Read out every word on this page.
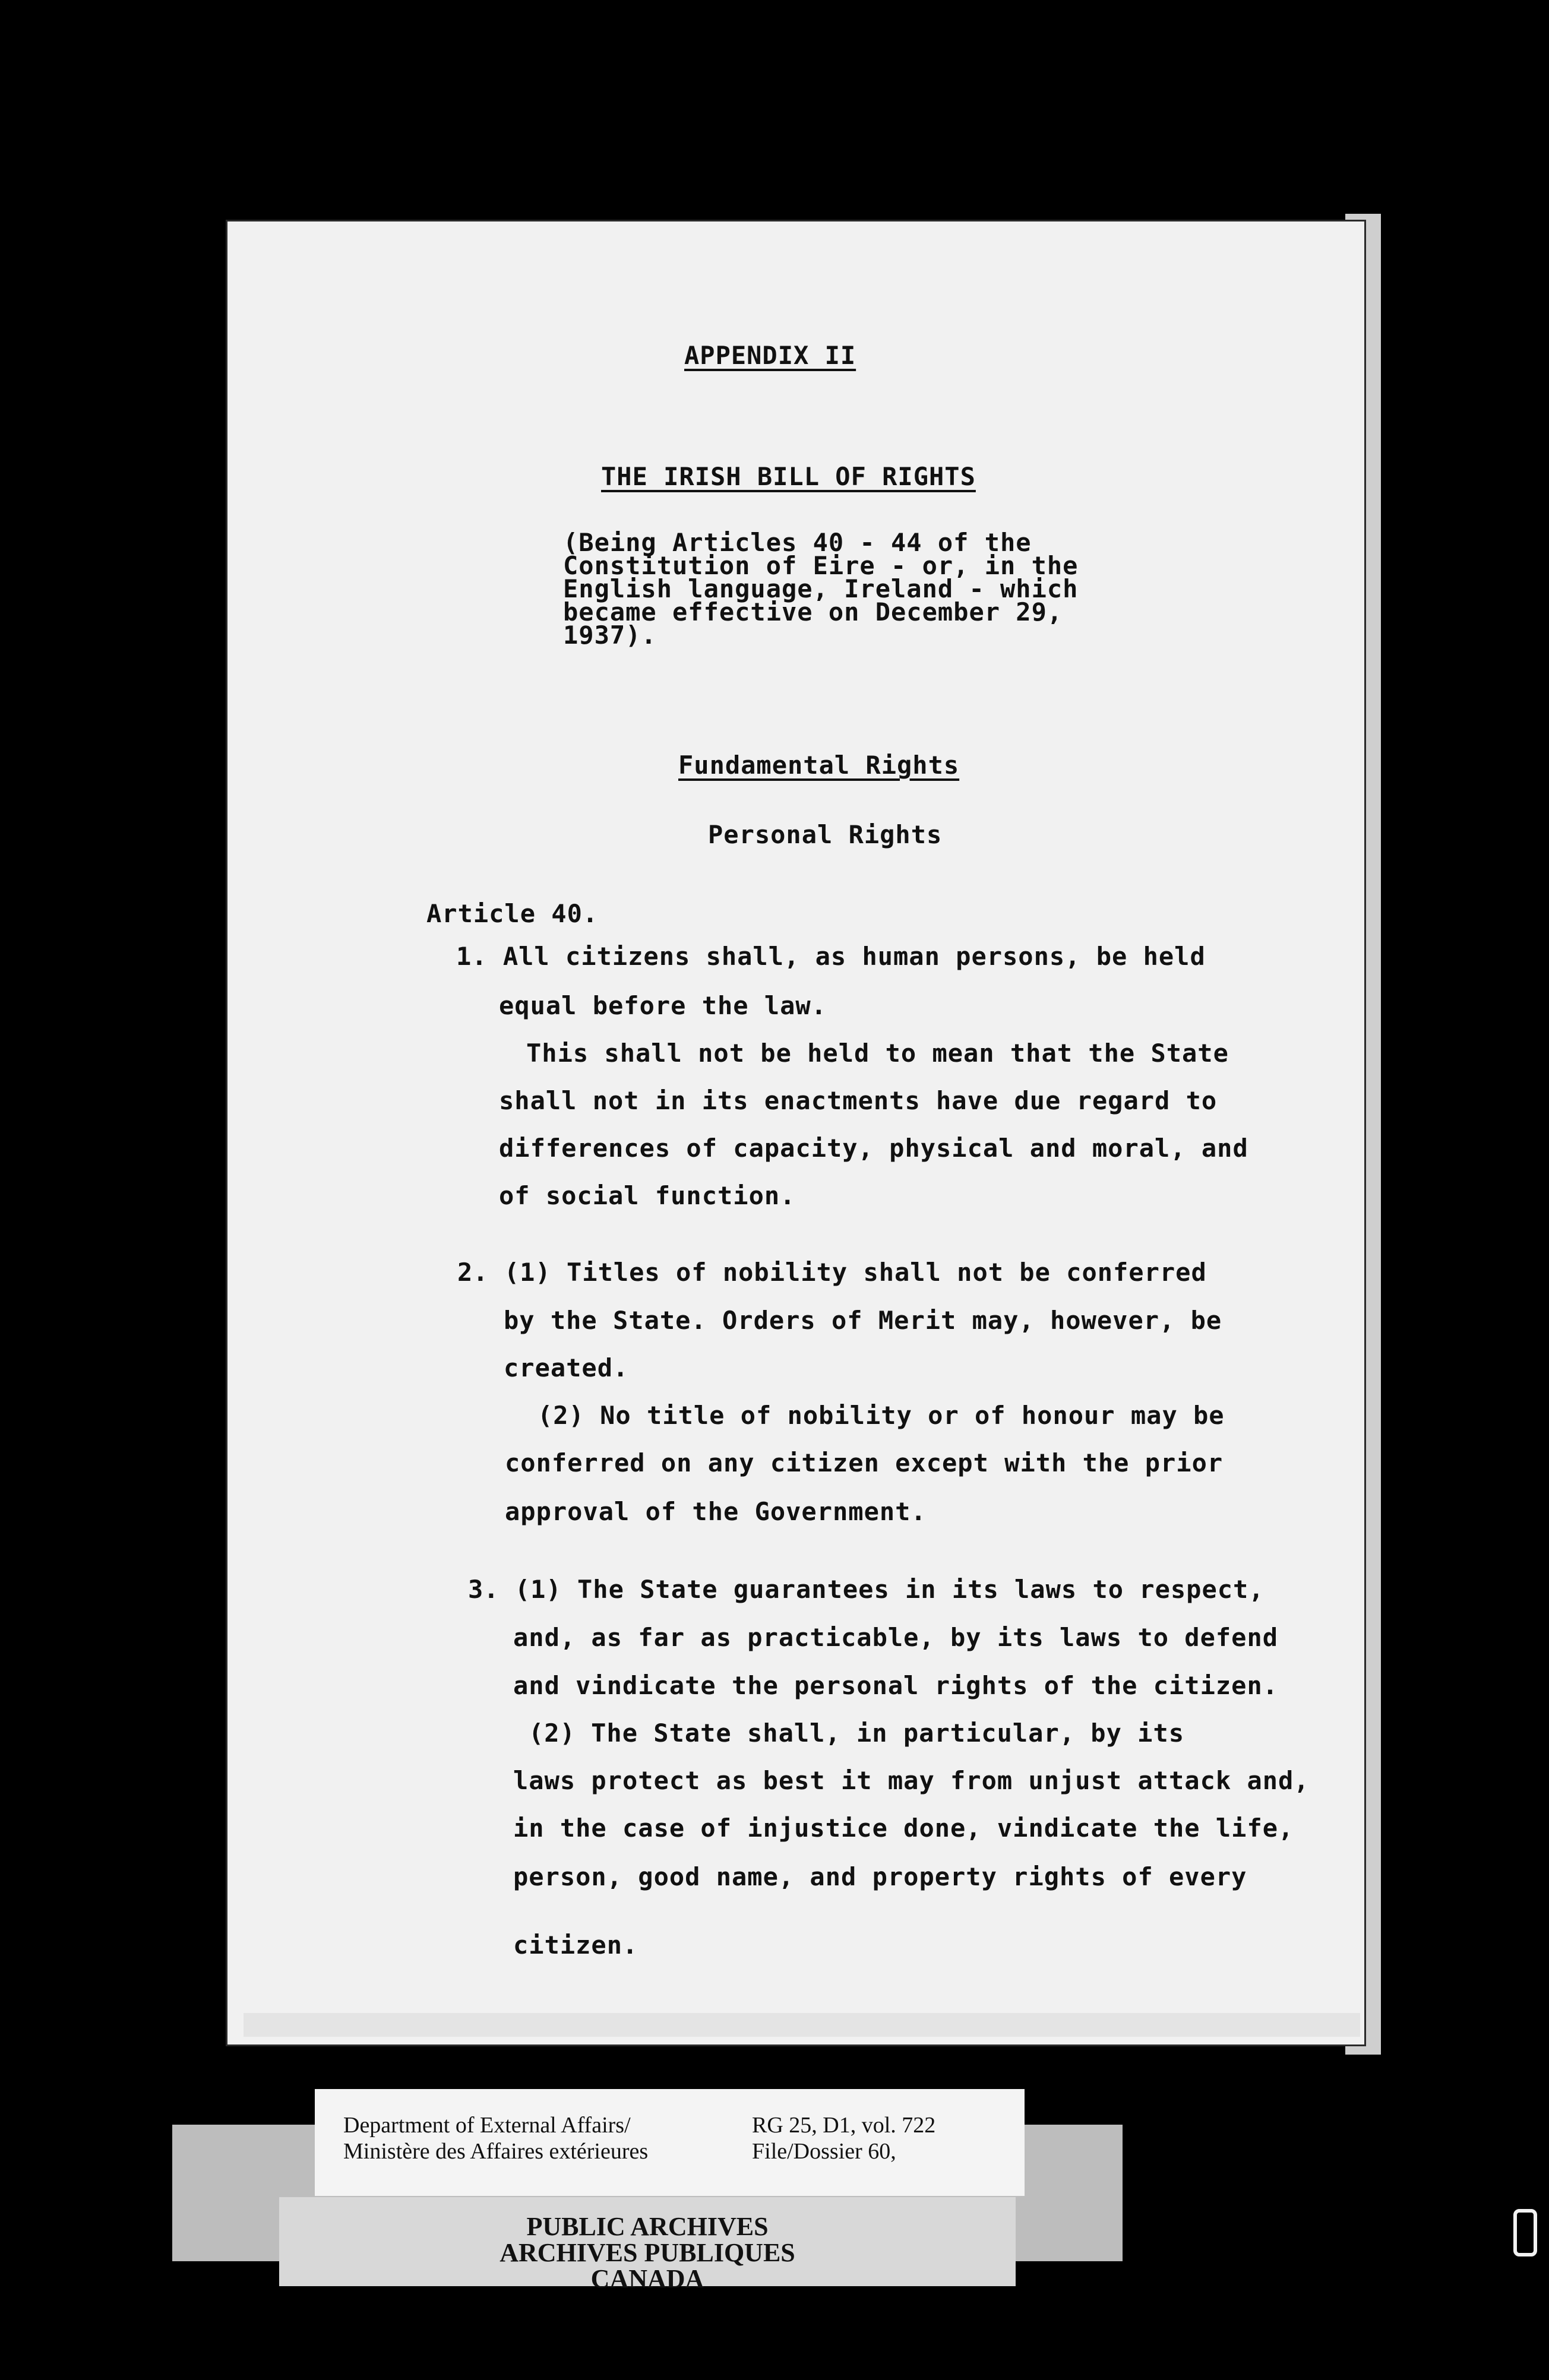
APPENDIX II
THE IRISH BILL OF RIGHTS
(Being Articles 40 - 44 of the
Constitution of Eire - or, in the
English language, Ireland - which
became effective on December 29,
1937).
Fundamental Rights
Personal Rights
Article 40.
1. All citizens shall, as human persons, be held
equal before the law.
This shall not be held to mean that the State
shall not in its enactments have due regard to
differences of capacity, physical and moral, and
of social function.
2. (1) Titles of nobility shall not be conferred
by the State. Orders of Merit may, however, be
created.
(2) No title of nobility or of honour may be
conferred on any citizen except with the prior
approval of the Government.
3. (1) The State guarantees in its laws to respect,
and, as far as practicable, by its laws to defend
and vindicate the personal rights of the citizen.
(2) The State shall, in particular, by its
laws protect as best it may from unjust attack and,
in the case of injustice done, vindicate the life,
person, good name, and property rights of every
citizen.
Department of External Affairs/
Ministère des Affaires extérieures
RG 25, D1, vol. 722
File/Dossier 60,
PUBLIC ARCHIVES
ARCHIVES PUBLIQUES
CANADA
